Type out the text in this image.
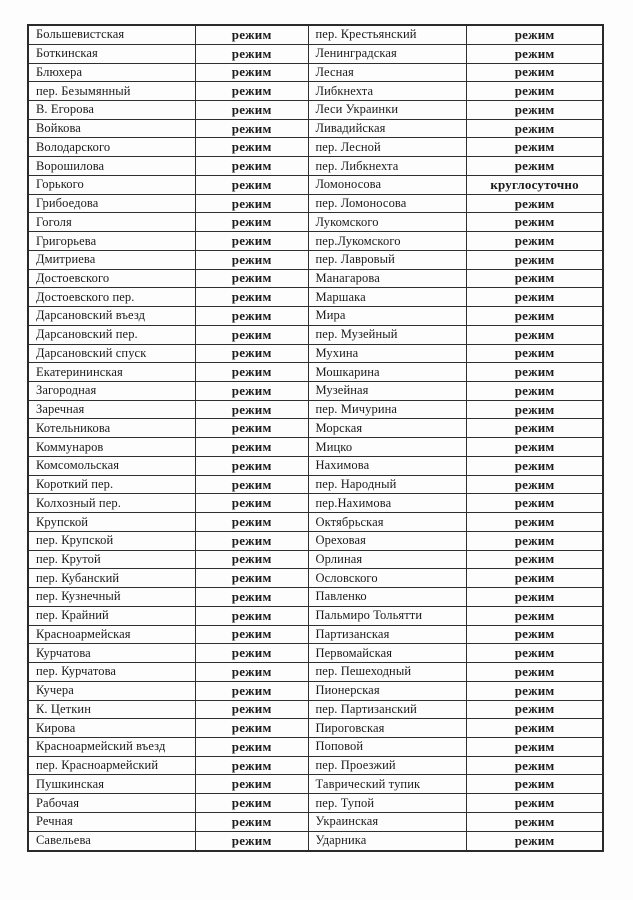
Большевистская	режим	пер. Крестьянский	режим
Боткинская	режим	Ленинградская	режим
Блюхера	режим	Лесная	режим
пер. Безымянный	режим	Либкнехта	режим
В. Егорова	режим	Леси Украинки	режим
Войкова	режим	Ливадийская	режим
Володарского	режим	пер. Лесной	режим
Ворошилова	режим	пер. Либкнехта	режим
Горького	режим	Ломоносова	круглосуточно
Грибоедова	режим	пер. Ломоносова	режим
Гоголя	режим	Лукомского	режим
Григорьева	режим	пер.Лукомского	режим
Дмитриева	режим	пер. Лавровый	режим
Достоевского	режим	Манагарова	режим
Достоевского пер.	режим	Маршака	режим
Дарсановский въезд	режим	Мира	режим
Дарсановский пер.	режим	пер. Музейный	режим
Дарсановский спуск	режим	Мухина	режим
Екатерининская	режим	Мошкарина	режим
Загородная	режим	Музейная	режим
Заречная	режим	пер. Мичурина	режим
Котельникова	режим	Морская	режим
Коммунаров	режим	Мицко	режим
Комсомольская	режим	Нахимова	режим
Короткий пер.	режим	пер. Народный	режим
Колхозный пер.	режим	пер.Нахимова	режим
Крупской	режим	Октябрьская	режим
пер. Крупской	режим	Ореховая	режим
пер. Крутой	режим	Орлиная	режим
пер. Кубанский	режим	Ословского	режим
пер. Кузнечный	режим	Павленко	режим
пер. Крайний	режим	Пальмиро Тольятти	режим
Красноармейская	режим	Партизанская	режим
Курчатова	режим	Первомайская	режим
пер. Курчатова	режим	пер. Пешеходный	режим
Кучера	режим	Пионерская	режим
К. Цеткин	режим	пер. Партизанский	режим
Кирова	режим	Пироговская	режим
Красноармейский въезд	режим	Поповой	режим
пер. Красноармейский	режим	пер. Проезжий	режим
Пушкинская	режим	Таврический тупик	режим
Рабочая	режим	пер. Тупой	режим
Речная	режим	Украинская	режим
Савельева	режим	Ударника	режим
